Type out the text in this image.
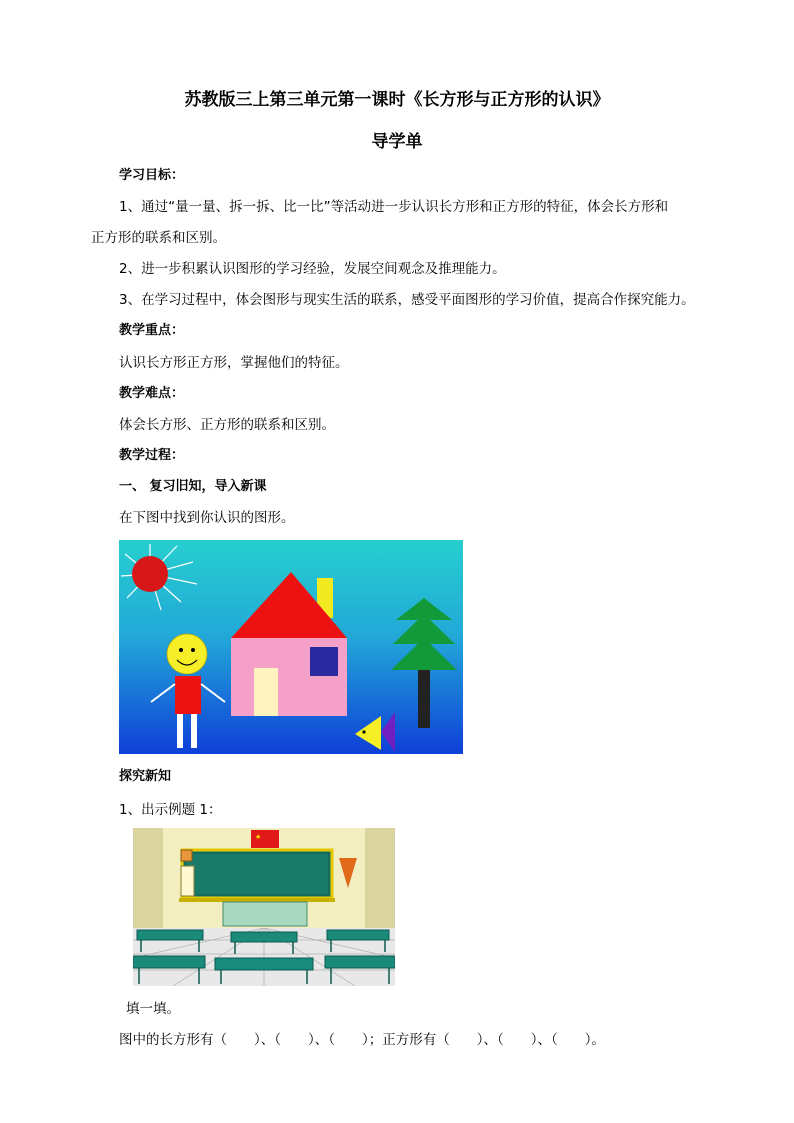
苏教版三上第三单元第一课时《长方形与正方形的认识》
导学单
学习目标：
1、通过“量一量、拆一拆、比一比”等活动进一步认识长方形和正方形的特征，体会长方形和
正方形的联系和区别。
2、进一步积累认识图形的学习经验，发展空间观念及推理能力。
3、在学习过程中，体会图形与现实生活的联系，感受平面图形的学习价值，提高合作探究能力。
教学重点：
认识长方形正方形，掌握他们的特征。
教学难点：
体会长方形、正方形的联系和区别。
教学过程：
一、 复习旧知，导入新课
在下图中找到你认识的图形。
探究新知
1、出示例题 1：
★
填一填。
图中的长方形有（　　）、（　　）、（　　）；正方形有（　　）、（　　）、（　　）。
